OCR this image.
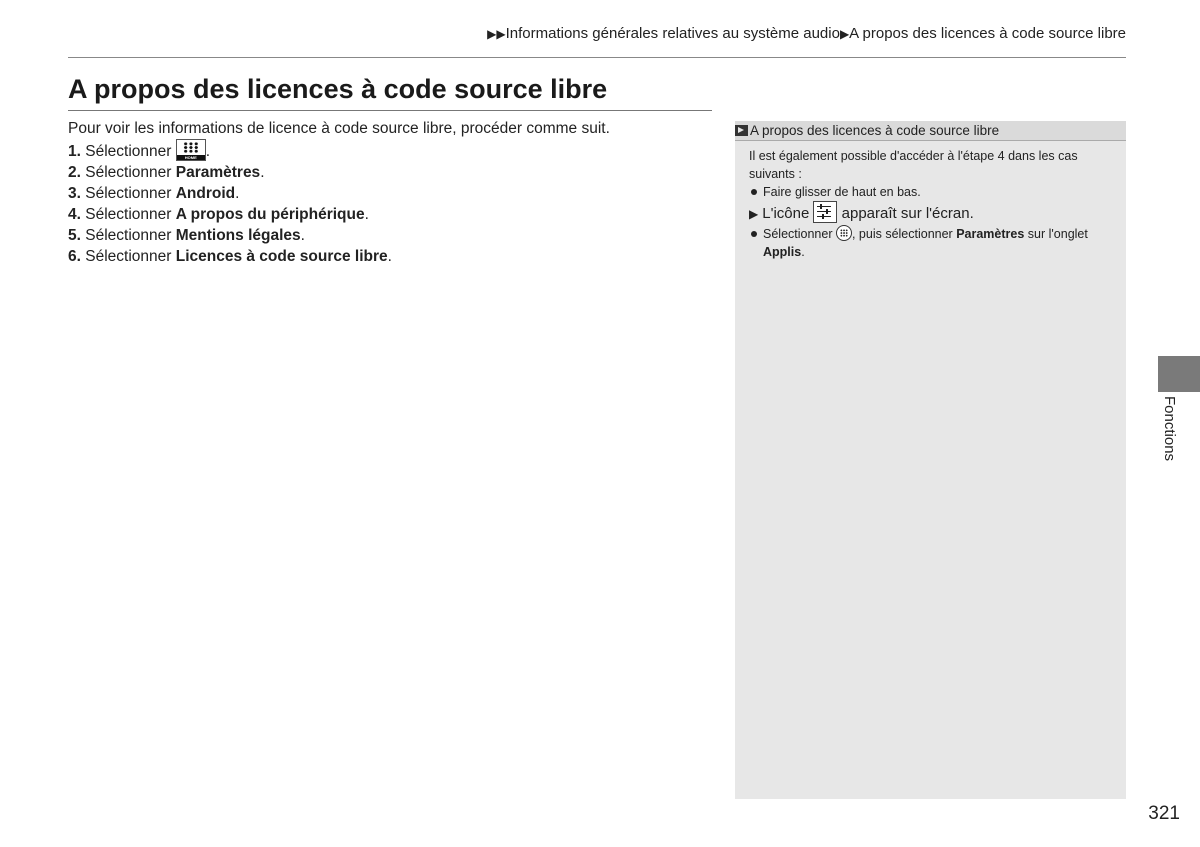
▶▶Informations générales relatives au système audio▶A propos des licences à code source libre
A propos des licences à code source libre

Pour voir les informations de licence à code source libre, procéder comme suit.

1. Sélectionner	HOME .
2. Sélectionner Paramètres.
3. Sélectionner Android.
4. Sélectionner A propos du périphérique.
5. Sélectionner Mentions légales.
6. Sélectionner Licences à code source libre.
A propos des licences à code source libre

Il est également possible d'accéder à l'étape 4 dans les cas suivants :

Faire glisser de haut en bas.

▶ L'icône
apparaît sur l'écran.

Sélectionner , puis sélectionner Paramètres sur l'onglet Applis.

Fonctions
321
